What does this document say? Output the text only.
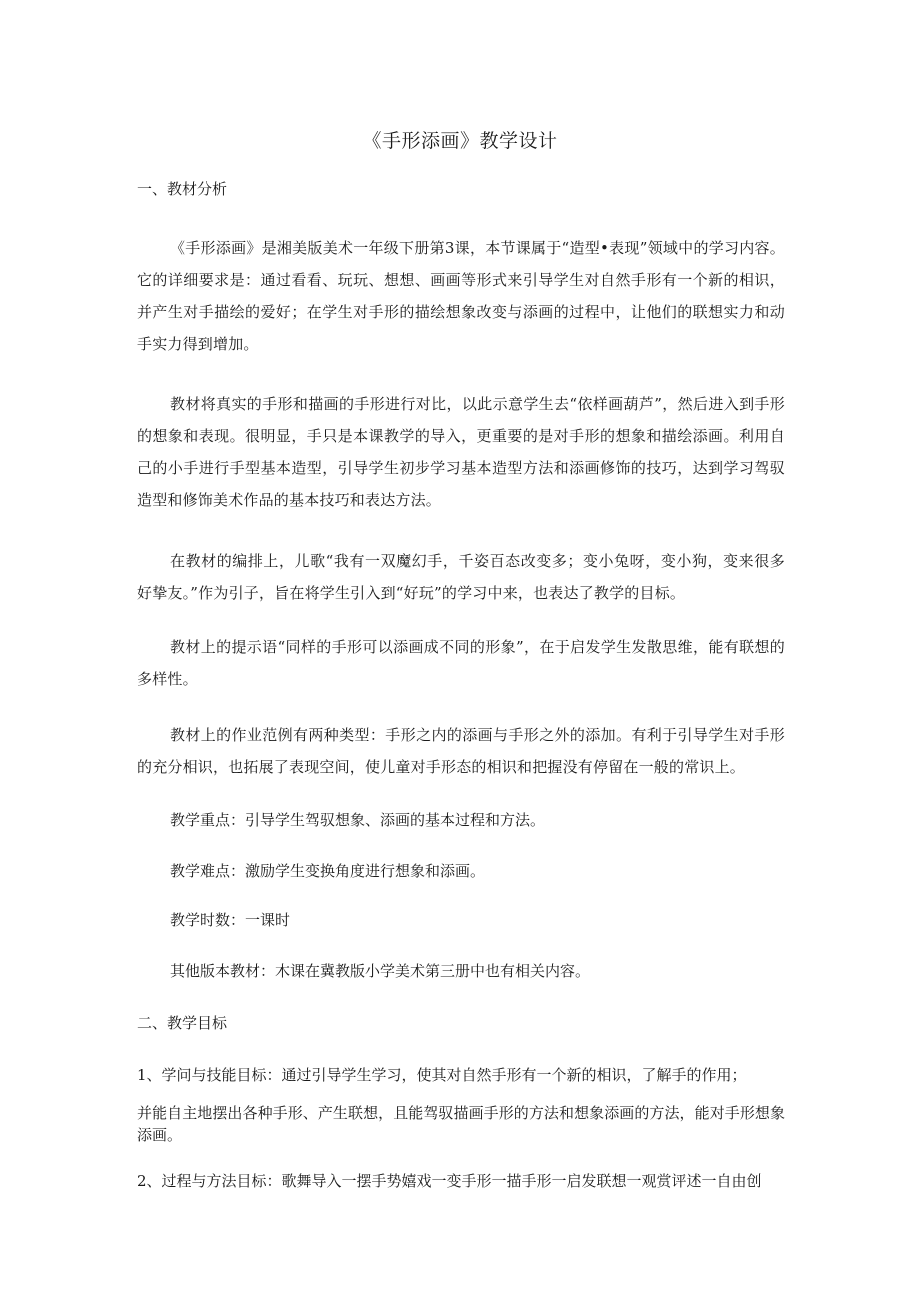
《手形添画》教学设计
一、教材分析
《手形添画》是湘美版美术一年级下册第3课，本节课属于“造型•表现”领域中的学习内容。它的详细要求是：通过看看、玩玩、想想、画画等形式来引导学生对自然手形有一个新的相识，并产生对手描绘的爱好；在学生对手形的描绘想象改变与添画的过程中，让他们的联想实力和动手实力得到增加。
教材将真实的手形和描画的手形进行对比，以此示意学生去“依样画葫芦”，然后进入到手形的想象和表现。很明显，手只是本课教学的导入，更重要的是对手形的想象和描绘添画。利用自己的小手进行手型基本造型，引导学生初步学习基本造型方法和添画修饰的技巧，达到学习驾驭造型和修饰美术作品的基本技巧和表达方法。
在教材的编排上，儿歌“我有一双魔幻手，千姿百态改变多；变小兔呀，变小狗，变来很多好挚友。”作为引子，旨在将学生引入到“好玩”的学习中来，也表达了教学的目标。
教材上的提示语“同样的手形可以添画成不同的形象”，在于启发学生发散思维，能有联想的多样性。
教材上的作业范例有两种类型：手形之内的添画与手形之外的添加。有利于引导学生对手形的充分相识，也拓展了表现空间，使儿童对手形态的相识和把握没有停留在一般的常识上。
教学重点：引导学生驾驭想象、添画的基本过程和方法。
教学难点：激励学生变换角度进行想象和添画。
教学时数：一课时
其他版本教材：木课在冀教版小学美术第三册中也有相关内容。
二、教学目标
1、学问与技能目标：通过引导学生学习，使其对自然手形有一个新的相识，了解手的作用；
并能自主地摆出各种手形、产生联想，且能驾驭描画手形的方法和想象添画的方法，能对手形想象添画。
2、过程与方法目标：歌舞导入一摆手势嬉戏一变手形一描手形一启发联想一观赏评述一自由创
